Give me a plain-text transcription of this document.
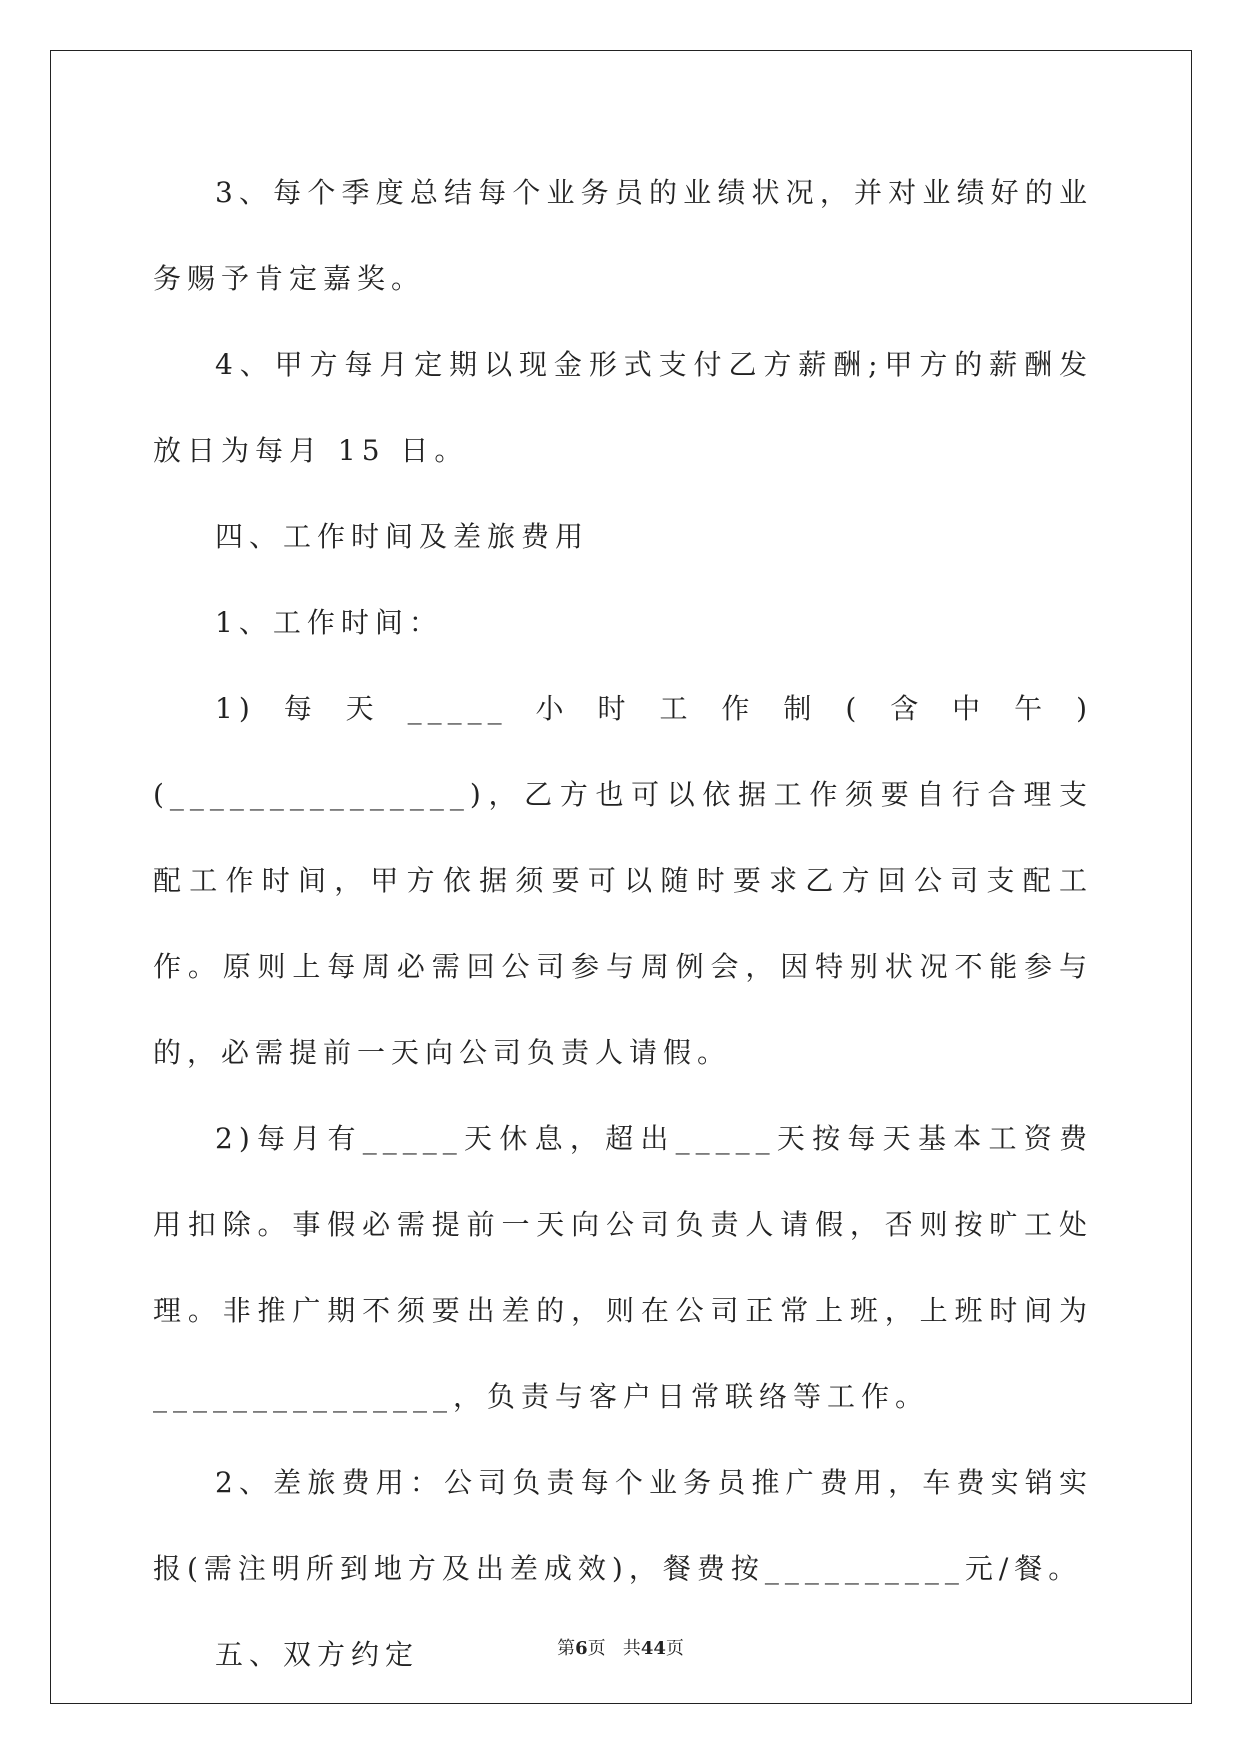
3、每个季度总结每个业务员的业绩状况，并对业绩好的业务赐予肯定嘉奖。

4、甲方每月定期以现金形式支付乙方薪酬;甲方的薪酬发放日为每月 15 日。

四、工作时间及差旅费用

1、工作时间：

1)每天_____小时工作制(含中午)(_______________)，乙方也可以依据工作须要自行合理支配工作时间，甲方依据须要可以随时要求乙方回公司支配工作。原则上每周必需回公司参与周例会，因特别状况不能参与的，必需提前一天向公司负责人请假。

2)每月有_____天休息，超出_____天按每天基本工资费用扣除。事假必需提前一天向公司负责人请假，否则按旷工处理。非推广期不须要出差的，则在公司正常上班，上班时间为_______________，负责与客户日常联络等工作。

2、差旅费用：公司负责每个业务员推广费用，车费实销实报(需注明所到地方及出差成效)，餐费按__________元/餐。

五、双方约定	第6页 共44页
